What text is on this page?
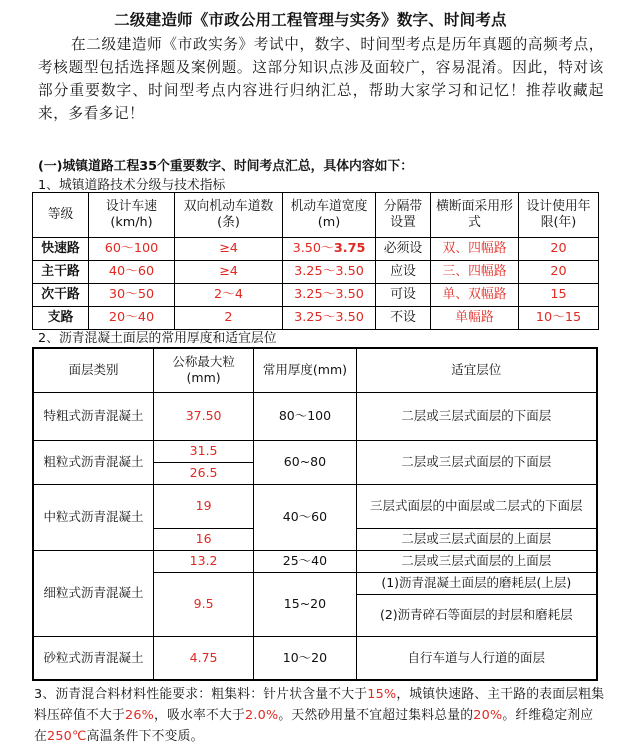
二级建造师《市政公用工程管理与实务》数字、时间考点
在二级建造师《市政实务》考试中，数字、时间型考点是历年真题的高频考点，考核题型包括选择题及案例题。这部分知识点涉及面较广，容易混淆。因此，特对该部分重要数字、时间型考点内容进行归纳汇总，帮助大家学习和记忆！推荐收藏起来，多看多记！
(一)城镇道路工程35个重要数字、时间考点汇总，具体内容如下：
1、城镇道路技术分级与技术指标
等级	设计车速(km/h)	双向机动车道数(条)	机动车道宽度(m)	分隔带设置	横断面采用形式	设计使用年限(年)
快速路	60～100	≥4	3.50～3.75	必须设	双、四幅路	20
主干路	40～60	≥4	3.25～3.50	应设	三、四幅路	20
次干路	30～50	2～4	3.25～3.50	可设	单、双幅路	15
支路	20～40	2	3.25～3.50	不设	单幅路	10～15
2、沥青混凝土面层的常用厚度和适宜层位
面层类别	公称最大粒(mm)	常用厚度(mm)	适宜层位
特粗式沥青混凝土	37.50	80～100	二层或三层式面层的下面层
粗粒式沥青混凝土	31.5	60~80	二层或三层式面层的下面层
	26.5		
中粒式沥青混凝土	19	40～60	三层式面层的中面层或二层式的下面层
	16		二层或三层式面层的上面层
细粒式沥青混凝土	13.2	25～40	二层或三层式面层的上面层
	9.5	15~20	(1)沥青混凝土面层的磨耗层(上层)
			(2)沥青碎石等面层的封层和磨耗层
砂粒式沥青混凝土	4.75	10～20	自行车道与人行道的面层
3、沥青混合料材料性能要求：粗集料：针片状含量不大于15%，城镇快速路、主干路的表面层粗集料压碎值不大于26%，吸水率不大于2.0%。天然砂用量不宜超过集料总量的20%。纤维稳定剂应在250℃高温条件下不变质。
